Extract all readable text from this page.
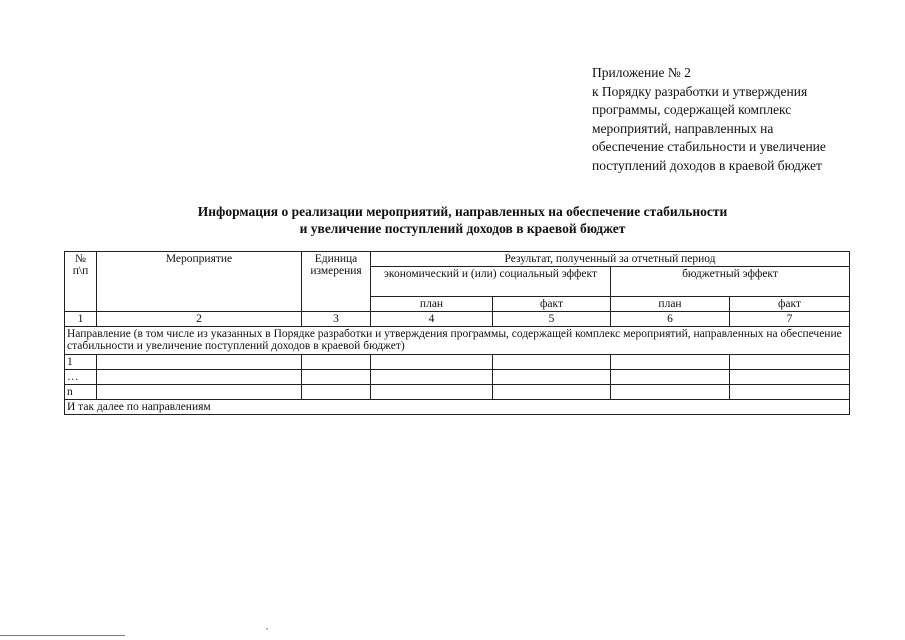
Приложение № 2
к Порядку разработки и утверждения
программы, содержащей комплекс
мероприятий, направленных на
обеспечение стабильности и увеличение
поступлений доходов в краевой бюджет
Информация о реализации мероприятий, направленных на обеспечение стабильности
и увеличение поступлений доходов в краевой бюджет
№ п\п	Мероприятие	Единица измерения	Результат, полученный за отчетный период			
			экономический и (или) социальный эффект		бюджетный эффект	
			план	факт	план	факт
1	2	3	4	5	6	7
Направление (в том числе из указанных в Порядке разработки и утверждения программы, содержащей комплекс мероприятий, направленных на обеспечение стабильности и увеличение поступлений доходов в краевой бюджет)						
1						
…						
n						
И так далее по направлениям						
